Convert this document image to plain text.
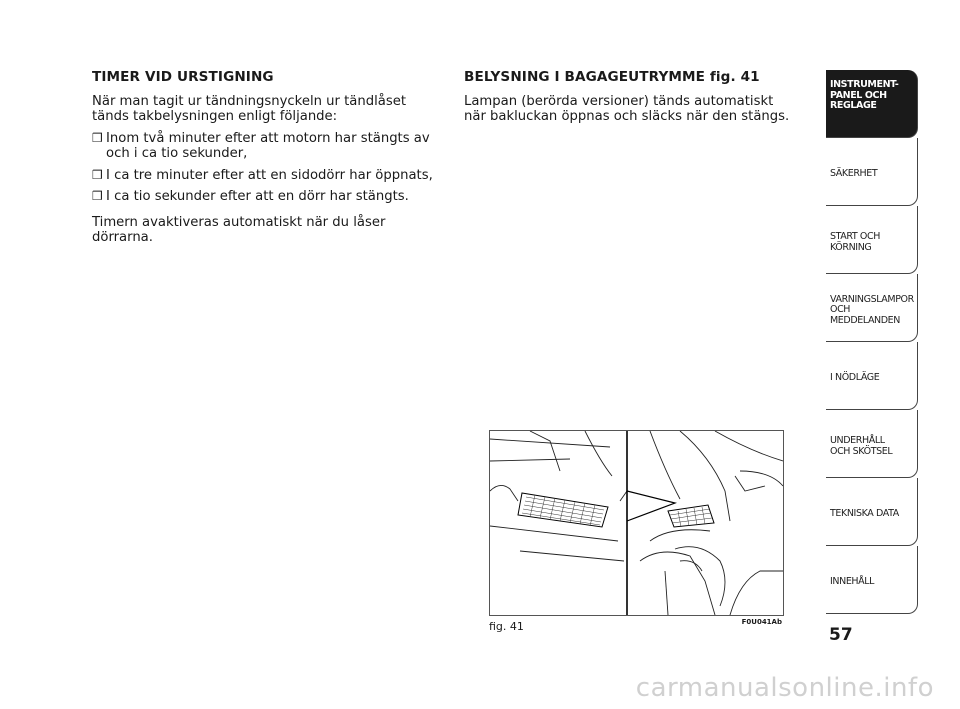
TIMER VID URSTIGNING

När man tagit ur tändningsnyckeln ur tändlåset tänds takbelysningen enligt följande:

❒ Inom två minuter efter att motorn har stängts av och i ca tio sekunder,
❒ I ca tre minuter efter att en sidodörr har öppnats,
❒ I ca tio sekunder efter att en dörr har stängts.

Timern avaktiveras automatiskt när du låser dörrarna.

BELYSNING I BAGAGEUTRYMME fig. 41

Lampan (berörda versioner) tänds automatiskt när bakluckan öppnas och släcks när den stängs.

fig. 41	F0U041Ab
INSTRUMENT-
PANEL OCH
REGLAGE
SÄKERHET
START OCH
KÖRNING
VARNINGSLAMPOR
OCH
MEDDELANDEN
I NÖDLÄGE
UNDERHÅLL
OCH SKÖTSEL
TEKNISKA DATA
INNEHÅLL
57
carmanualsonline.info
